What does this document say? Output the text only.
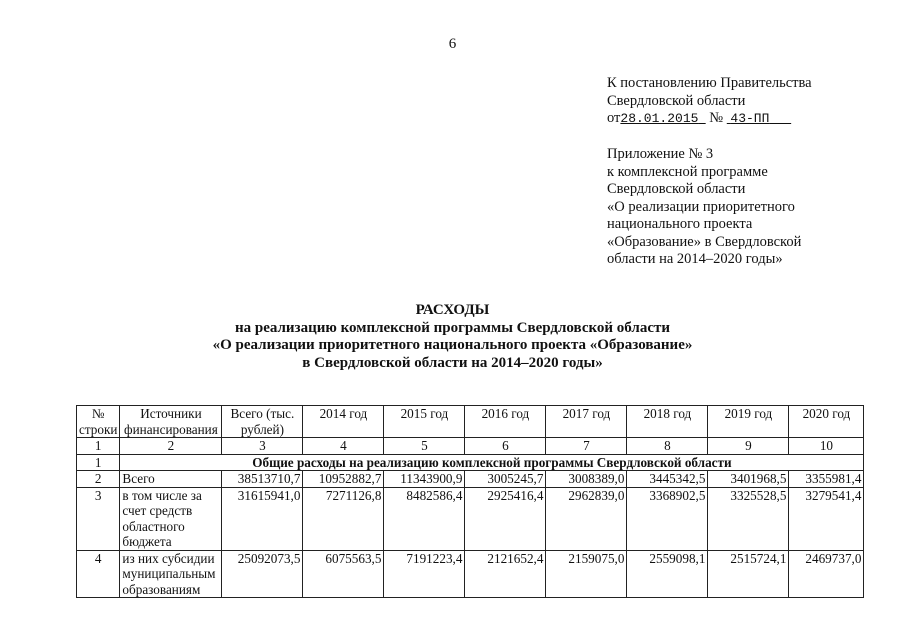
6
К постановлению Правительства
Свердловской области
от28.01.2015 № 43-ПП
Приложение № 3
к комплексной программе
Свердловской области
«О реализации приоритетного
национального проекта
«Образование» в Свердловской
области на 2014–2020 годы»
РАСХОДЫ
на реализацию комплексной программы Свердловской области
«О реализации приоритетного национального проекта «Образование»
в Свердловской области на 2014–2020 годы»
№ строки	Источники финансирования	Всего (тыс. рублей)	2014 год	2015 год	2016 год	2017 год	2018 год	2019 год	2020 год
1	2	3	4	5	6	7	8	9	10
1	Общие расходы на реализацию комплексной программы Свердловской области								
2	Всего	38513710,7	10952882,7	11343900,9	3005245,7	3008389,0	3445342,5	3401968,5	3355981,4
3	в том числе за счет средств областного бюджета	31615941,0	7271126,8	8482586,4	2925416,4	2962839,0	3368902,5	3325528,5	3279541,4
4	из них субсидии муниципальным образованиям	25092073,5	6075563,5	7191223,4	2121652,4	2159075,0	2559098,1	2515724,1	2469737,0
